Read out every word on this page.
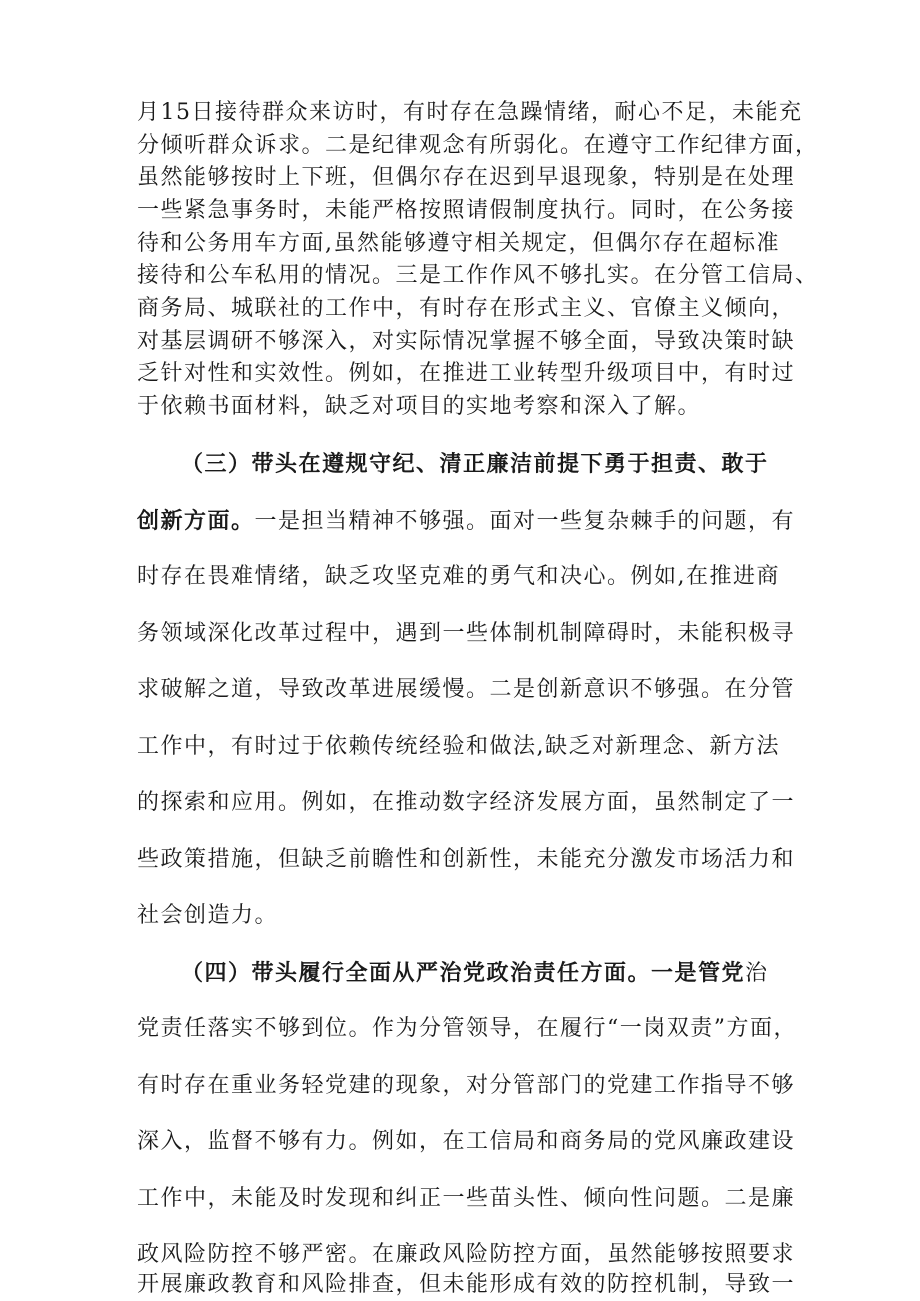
月15日接待群众来访时，有时存在急躁情绪，耐心不足，未能充

分倾听群众诉求。二是纪律观念有所弱化。在遵守工作纪律方面，

虽然能够按时上下班，但偶尔存在迟到早退现象，特别是在处理

一些紧急事务时，未能严格按照请假制度执行。同时，在公务接

待和公务用车方面,虽然能够遵守相关规定，但偶尔存在超标准

接待和公车私用的情况。三是工作作风不够扎实。在分管工信局、

商务局、城联社的工作中，有时存在形式主义、官僚主义倾向，

对基层调研不够深入，对实际情况掌握不够全面，导致决策时缺

乏针对性和实效性。例如，在推进工业转型升级项目中，有时过

于依赖书面材料，缺乏对项目的实地考察和深入了解。

（三）带头在遵规守纪、清正廉洁前提下勇于担责、敢于

创新方面。一是担当精神不够强。面对一些复杂棘手的问题，有

时存在畏难情绪，缺乏攻坚克难的勇气和决心。例如,在推进商

务领域深化改革过程中，遇到一些体制机制障碍时，未能积极寻

求破解之道，导致改革进展缓慢。二是创新意识不够强。在分管

工作中，有时过于依赖传统经验和做法,缺乏对新理念、新方法

的探索和应用。例如，在推动数字经济发展方面，虽然制定了一

些政策措施，但缺乏前瞻性和创新性，未能充分激发市场活力和

社会创造力。

（四）带头履行全面从严治党政治责任方面。一是管党治

党责任落实不够到位。作为分管领导，在履行“一岗双责”方面，

有时存在重业务轻党建的现象，对分管部门的党建工作指导不够

深入，监督不够有力。例如，在工信局和商务局的党风廉政建设

工作中，未能及时发现和纠正一些苗头性、倾向性问题。二是廉

政风险防控不够严密。在廉政风险防控方面，虽然能够按照要求

开展廉政教育和风险排查，但未能形成有效的防控机制，导致一
